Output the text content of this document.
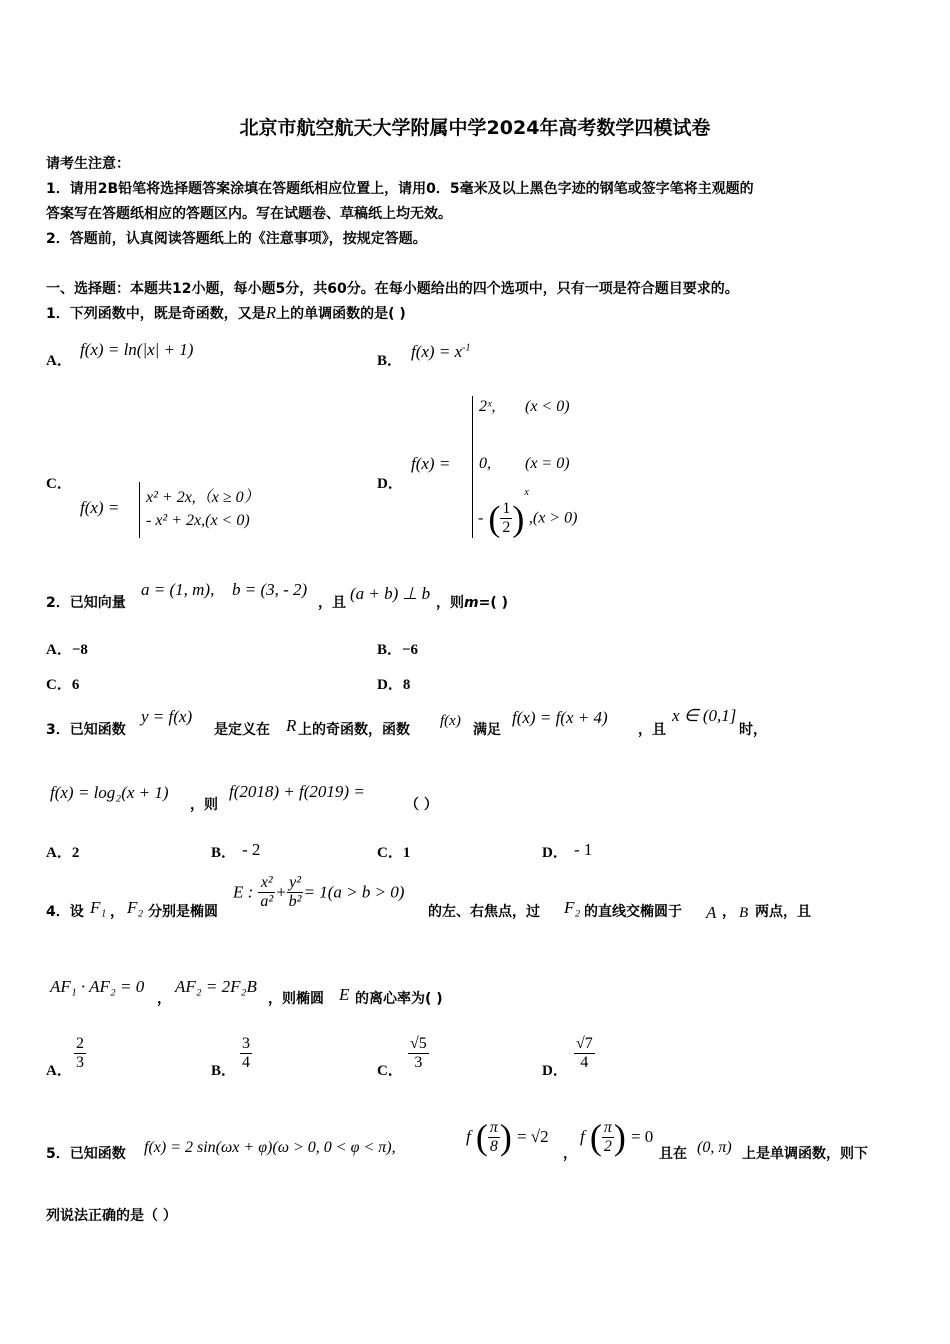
北京市航空航天大学附属中学2024年高考数学四模试卷
请考生注意：
1．请用2B铅笔将选择题答案涂填在答题纸相应位置上，请用0．5毫米及以上黑色字迹的钢笔或签字笔将主观题的
答案写在答题纸相应的答题区内。写在试题卷、草稿纸上均无效。
2．答题前，认真阅读答题纸上的《注意事项》，按规定答题。
一、选择题：本题共12小题，每小题5分，共60分。在每小题给出的四个选项中，只有一项是符合题目要求的。
1．下列函数中，既是奇函数，又是R上的单调函数的是( )
A．
f(x) = ln(|x| + 1)
B． $f(x) = x^{-1}$
C．
f(x) =
x² + 2x,（x ≥ 0）
- x² + 2x,(x < 0)
D．
f(x) =
2ˣ, (x < 0)
0, (x = 0)
- ( $\frac{1}{2} )^x,(x > 0)$
2．已知向量
a = (1, m), b = (3, - 2)
，且 (a + b) ⊥ b ，则m=( )
A．−8	B．−6
C．6	D．8
3．已知函数
y = f(x)
是定义在 R 上的奇函数，函数
f(x)
满足
f(x) = f(x + 4)
，且
x ∈ (0,1]
时，
f(x) = log₂(x + 1)
，则
f(2018) + f(2019) =
（ ）
A．2	B． - 2	C．1	D． - 1
4．设 F₁ ， F₂ 分别是椭圆
E : $\frac{\text{x²}}{\text{a²}} + \frac{\text{y²}}{\text{b²}} = 1(a > b > 0)$
的左、右焦点，过 F₂ 的直线交椭圆于 A ， B 两点，且
AF₁ · AF₂ = 0
，
AF₂ = 2F₂B
，则椭圆 E 的离心率为( )
A． $\frac{2}{3}$	B． $\frac{3}{4}$	C． $\frac{√5}{3}$	D． $\frac{√7}{4}$
5．已知函数 f(x) = 2 sin(ωx + φ)(ω > 0, 0 < φ < π),
f ( $\frac{\pi}{8}$ ) = √2
，
f ( $\frac{\pi}{2}$ ) = 0
且在 (0, π) 上是单调函数，则下
列说法正确的是（ ）
